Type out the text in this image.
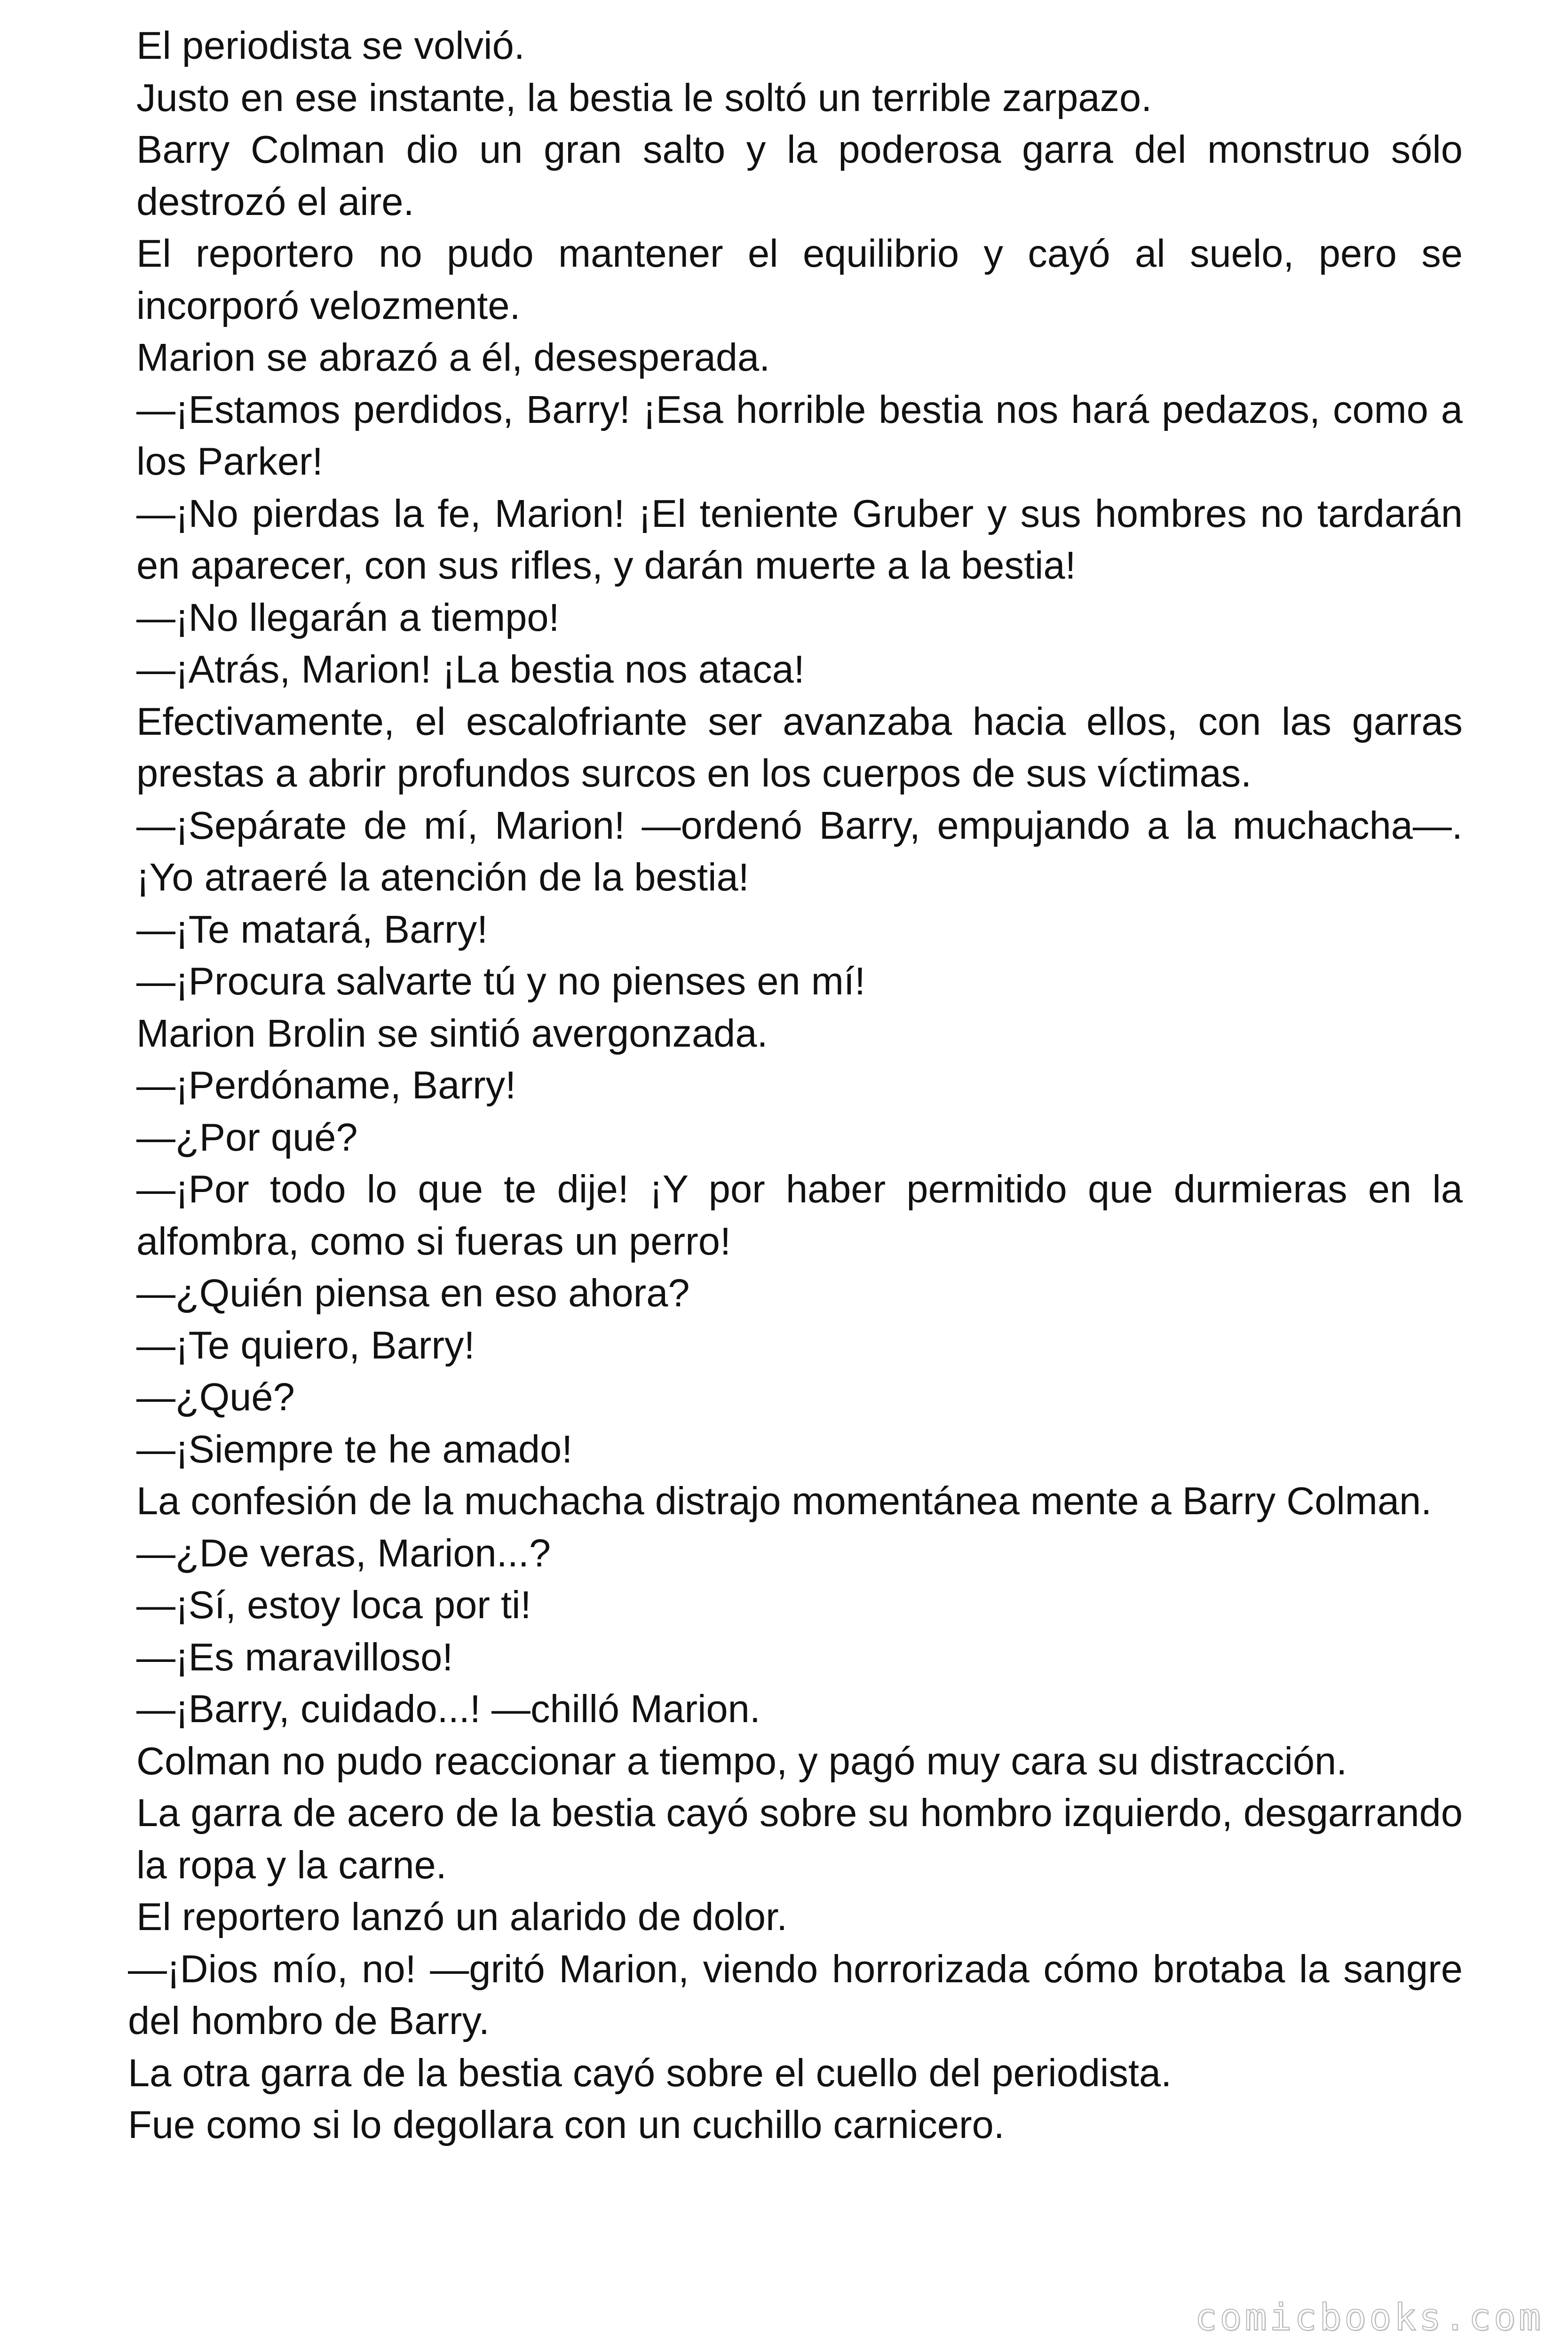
El periodista se volvió.

Justo en ese instante, la bestia le soltó un terrible zarpazo.

Barry Colman dio un gran salto y la poderosa garra del monstruo sólo destrozó el aire.

El reportero no pudo mantener el equilibrio y cayó al suelo, pero se incorporó velozmente.

Marion se abrazó a él, desesperada.

—¡Estamos perdidos, Barry! ¡Esa horrible bestia nos hará pedazos, como a los Parker!

—¡No pierdas la fe, Marion! ¡El teniente Gruber y sus hombres no tardarán en aparecer, con sus rifles, y darán muerte a la bestia!

—¡No llegarán a tiempo!

—¡Atrás, Marion! ¡La bestia nos ataca!

Efectivamente, el escalofriante ser avanzaba hacia ellos, con las garras prestas a abrir profundos surcos en los cuerpos de sus víctimas.

—¡Sepárate de mí, Marion! —ordenó Barry, empujando a la muchacha—. ¡Yo atraeré la atención de la bestia!

—¡Te matará, Barry!

—¡Procura salvarte tú y no pienses en mí!

Marion Brolin se sintió avergonzada.

—¡Perdóname, Barry!

—¿Por qué?

—¡Por todo lo que te dije! ¡Y por haber permitido que durmieras en la alfombra, como si fueras un perro!

—¿Quién piensa en eso ahora?

—¡Te quiero, Barry!

—¿Qué?

—¡Siempre te he amado!

La confesión de la muchacha distrajo momentánea mente a Barry Colman.

—¿De veras, Marion...?

—¡Sí, estoy loca por ti!

—¡Es maravilloso!

—¡Barry, cuidado...! —chilló Marion.

Colman no pudo reaccionar a tiempo, y pagó muy cara su distracción.

La garra de acero de la bestia cayó sobre su hombro izquierdo, desgarrando la ropa y la carne.

El reportero lanzó un alarido de dolor.

—¡Dios mío, no! —gritó Marion, viendo horrorizada cómo brotaba la sangre del hombro de Barry.

La otra garra de la bestia cayó sobre el cuello del periodista.

Fue como si lo degollara con un cuchillo carnicero.

comicbooks.com
